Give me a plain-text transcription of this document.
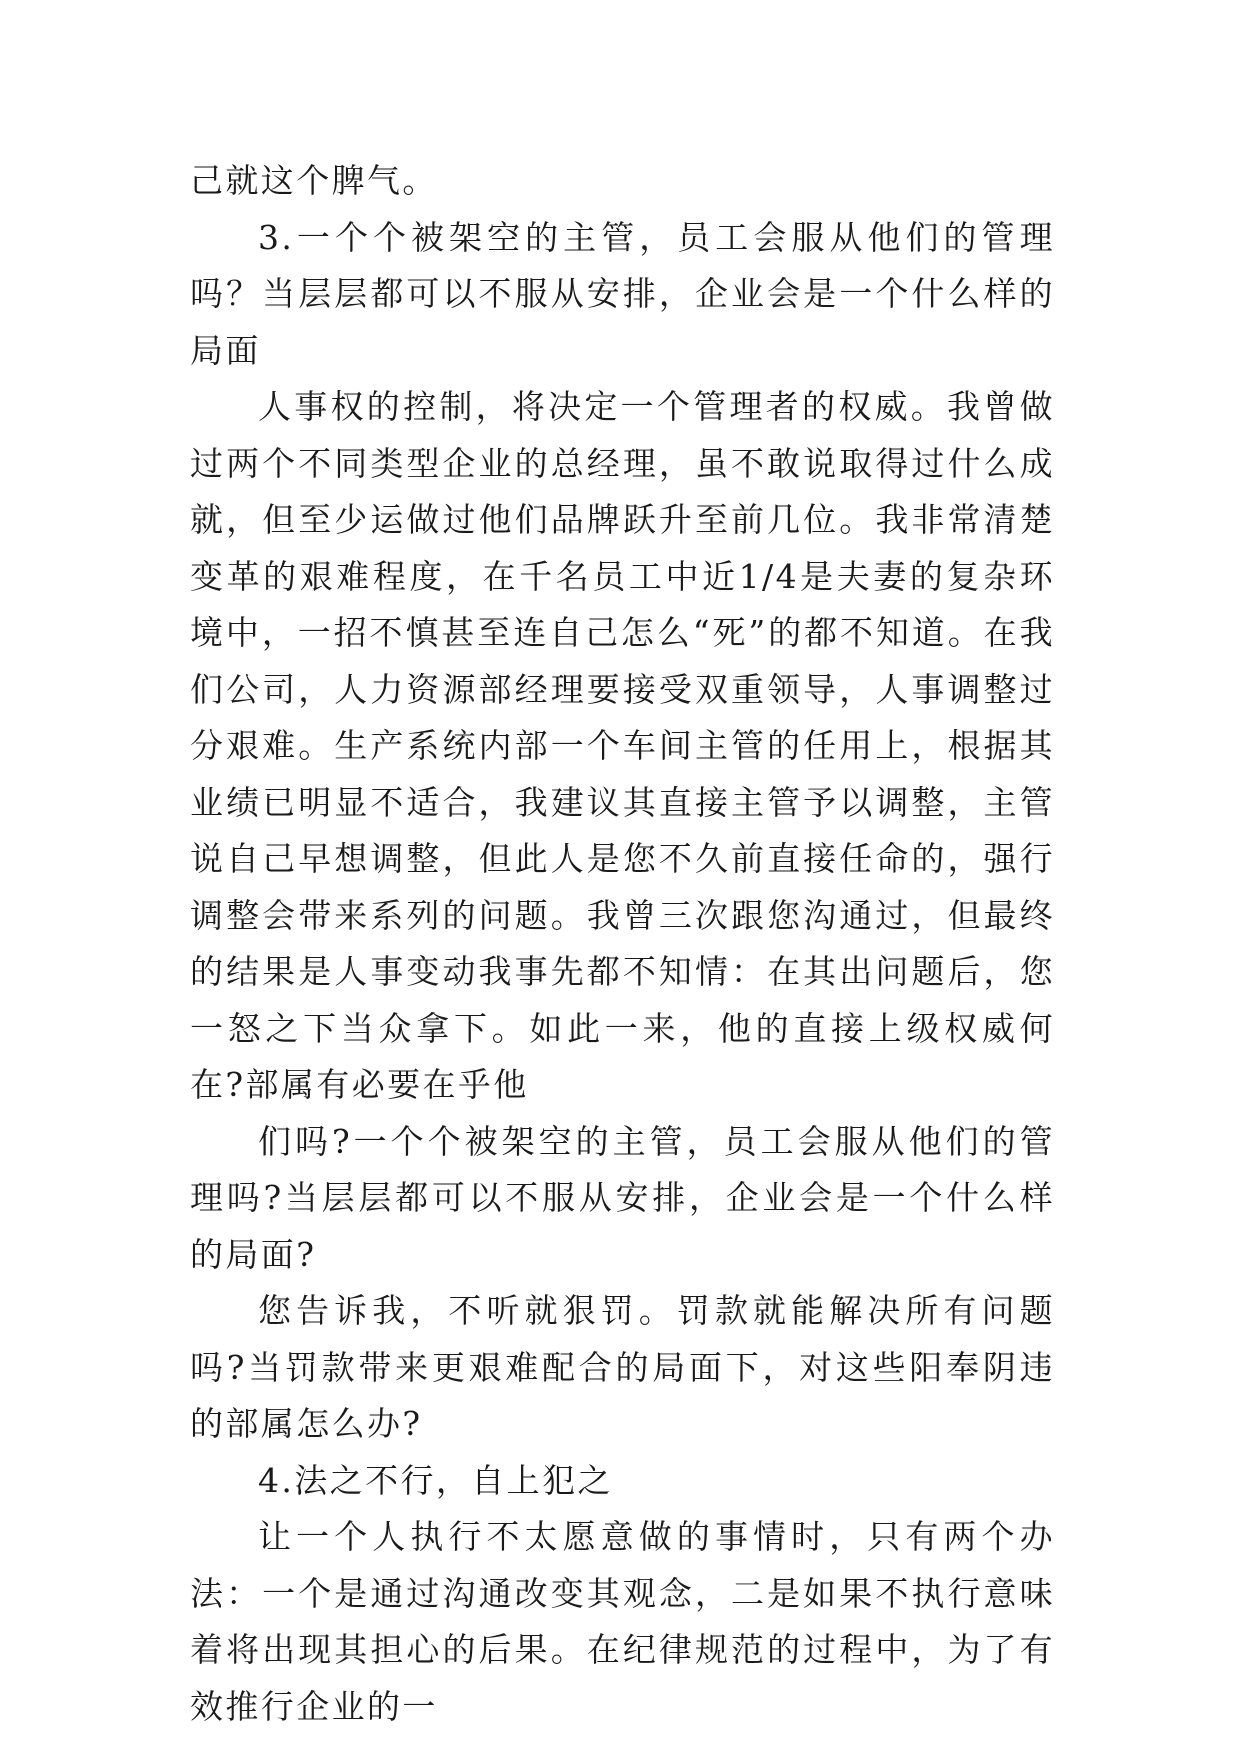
己就这个脾气。

3.一个个被架空的主管，员工会服从他们的管理吗？当层层都可以不服从安排，企业会是一个什么样的局面

人事权的控制，将决定一个管理者的权威。我曾做过两个不同类型企业的总经理，虽不敢说取得过什么成就，但至少运做过他们品牌跃升至前几位。我非常清楚变革的艰难程度，在千名员工中近1/4是夫妻的复杂环境中，一招不慎甚至连自己怎么“死”的都不知道。在我们公司，人力资源部经理要接受双重领导，人事调整过分艰难。生产系统内部一个车间主管的任用上，根据其业绩已明显不适合，我建议其直接主管予以调整，主管说自己早想调整，但此人是您不久前直接任命的，强行调整会带来系列的问题。我曾三次跟您沟通过，但最终的结果是人事变动我事先都不知情：在其出问题后，您一怒之下当众拿下。如此一来，他的直接上级权威何在?部属有必要在乎他

们吗?一个个被架空的主管，员工会服从他们的管理吗?当层层都可以不服从安排，企业会是一个什么样的局面?

您告诉我，不听就狠罚。罚款就能解决所有问题吗?当罚款带来更艰难配合的局面下，对这些阳奉阴违的部属怎么办?

4.法之不行，自上犯之

让一个人执行不太愿意做的事情时，只有两个办法：一个是通过沟通改变其观念，二是如果不执行意味着将出现其担心的后果。在纪律规范的过程中，为了有效推行企业的一
